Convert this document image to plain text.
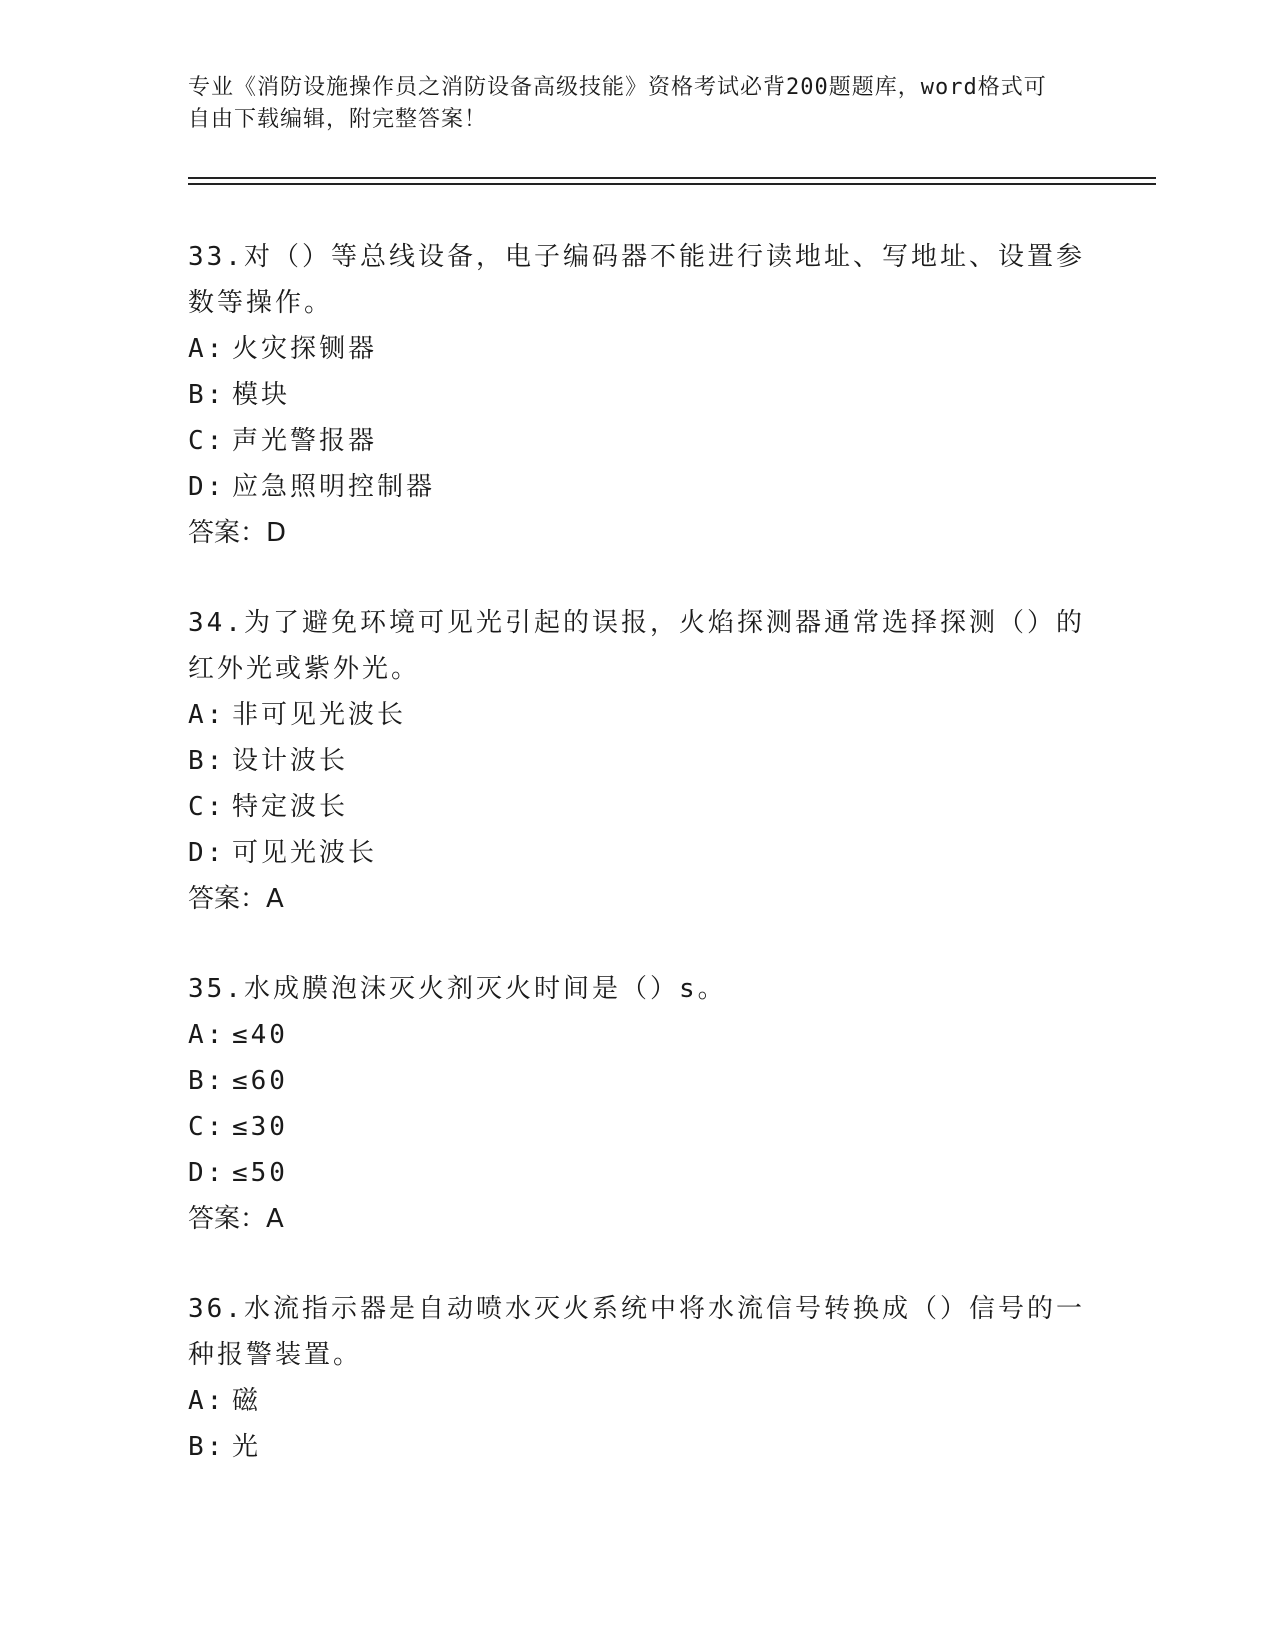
专业《消防设施操作员之消防设备高级技能》资格考试必背200题题库，word格式可自由下载编辑，附完整答案！

33.对（）等总线设备，电子编码器不能进行读地址、写地址、设置参数等操作。

A: 火灾探铡器

B: 模块

C: 声光警报器

D: 应急照明控制器

答案：D

34.为了避免环境可见光引起的误报，火焰探测器通常选择探测（）的红外光或紫外光。

A: 非可见光波长

B: 设计波长

C: 特定波长

D: 可见光波长

答案：A

35.水成膜泡沫灭火剂灭火时间是（）s。

A: ≤40

B: ≤60

C: ≤30

D: ≤50

答案：A

36.水流指示器是自动喷水灭火系统中将水流信号转换成（）信号的一种报警装置。

A: 磁

B: 光
